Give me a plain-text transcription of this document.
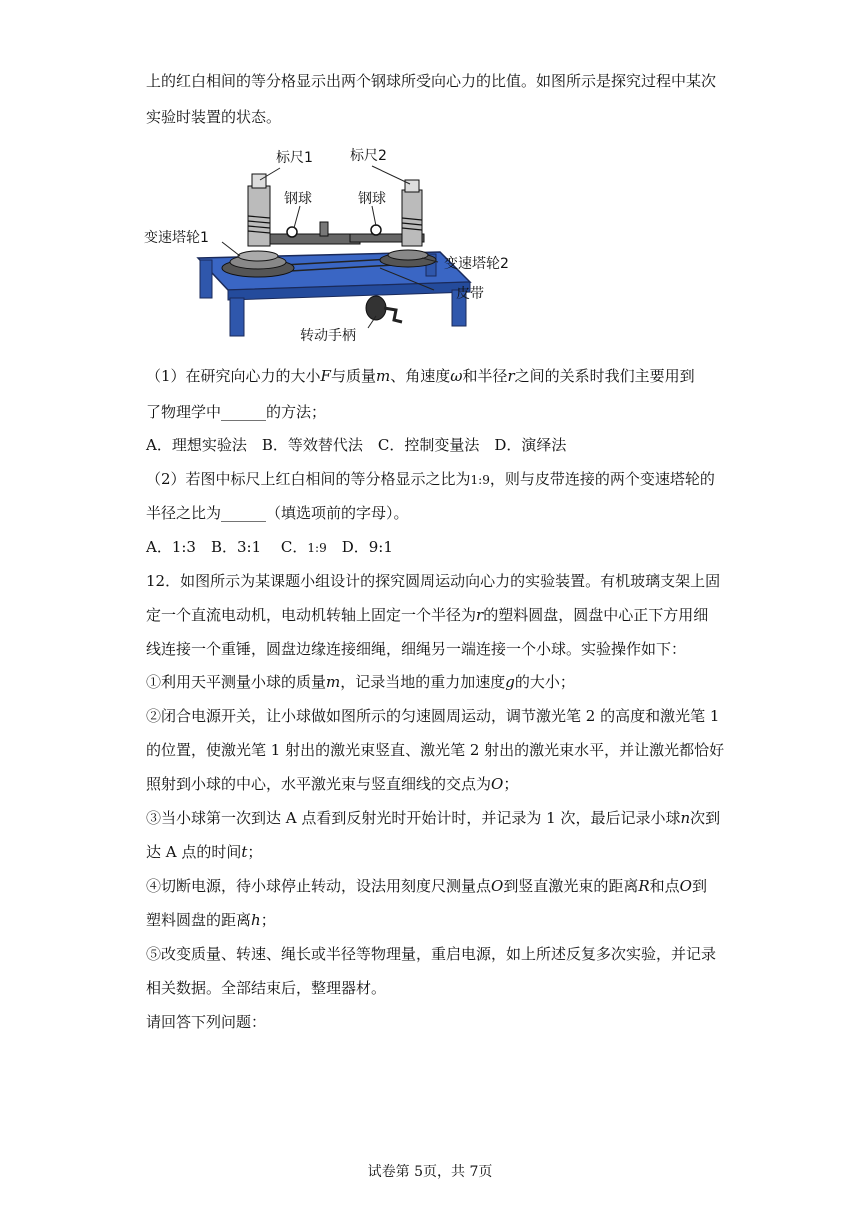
上的红白相间的等分格显示出两个钢球所受向心力的比值。如图所示是探究过程中某次
实验时装置的状态。
标尺1	标尺2
钢球	钢球
变速塔轮1
变速塔轮2
皮带
转动手柄
（1）在研究向心力的大小F与质量m、角速度ω和半径r之间的关系时我们主要用到
了物理学中______的方法；
A．理想实验法　B．等效替代法　C．控制变量法　D．演绎法
（2）若图中标尺上红白相间的等分格显示之比为1:9，则与皮带连接的两个变速塔轮的
半径之比为______（填选项前的字母）。
A．1:3　B．3:1　 C．1:9　D．9:1
12．如图所示为某课题小组设计的探究圆周运动向心力的实验装置。有机玻璃支架上固
定一个直流电动机，电动机转轴上固定一个半径为r的塑料圆盘，圆盘中心正下方用细
线连接一个重锤，圆盘边缘连接细绳，细绳另一端连接一个小球。实验操作如下：
①利用天平测量小球的质量m，记录当地的重力加速度g的大小；
②闭合电源开关，让小球做如图所示的匀速圆周运动，调节激光笔 2 的高度和激光笔 1
的位置，使激光笔 1 射出的激光束竖直、激光笔 2 射出的激光束水平，并让激光都恰好
照射到小球的中心，水平激光束与竖直细线的交点为O；
③当小球第一次到达 A 点看到反射光时开始计时，并记录为 1 次，最后记录小球n次到
达 A 点的时间t；
④切断电源，待小球停止转动，设法用刻度尺测量点O到竖直激光束的距离R和点O到
塑料圆盘的距离h；
⑤改变质量、转速、绳长或半径等物理量，重启电源，如上所述反复多次实验，并记录
相关数据。全部结束后，整理器材。
请回答下列问题：
试卷第 5页，共 7页
